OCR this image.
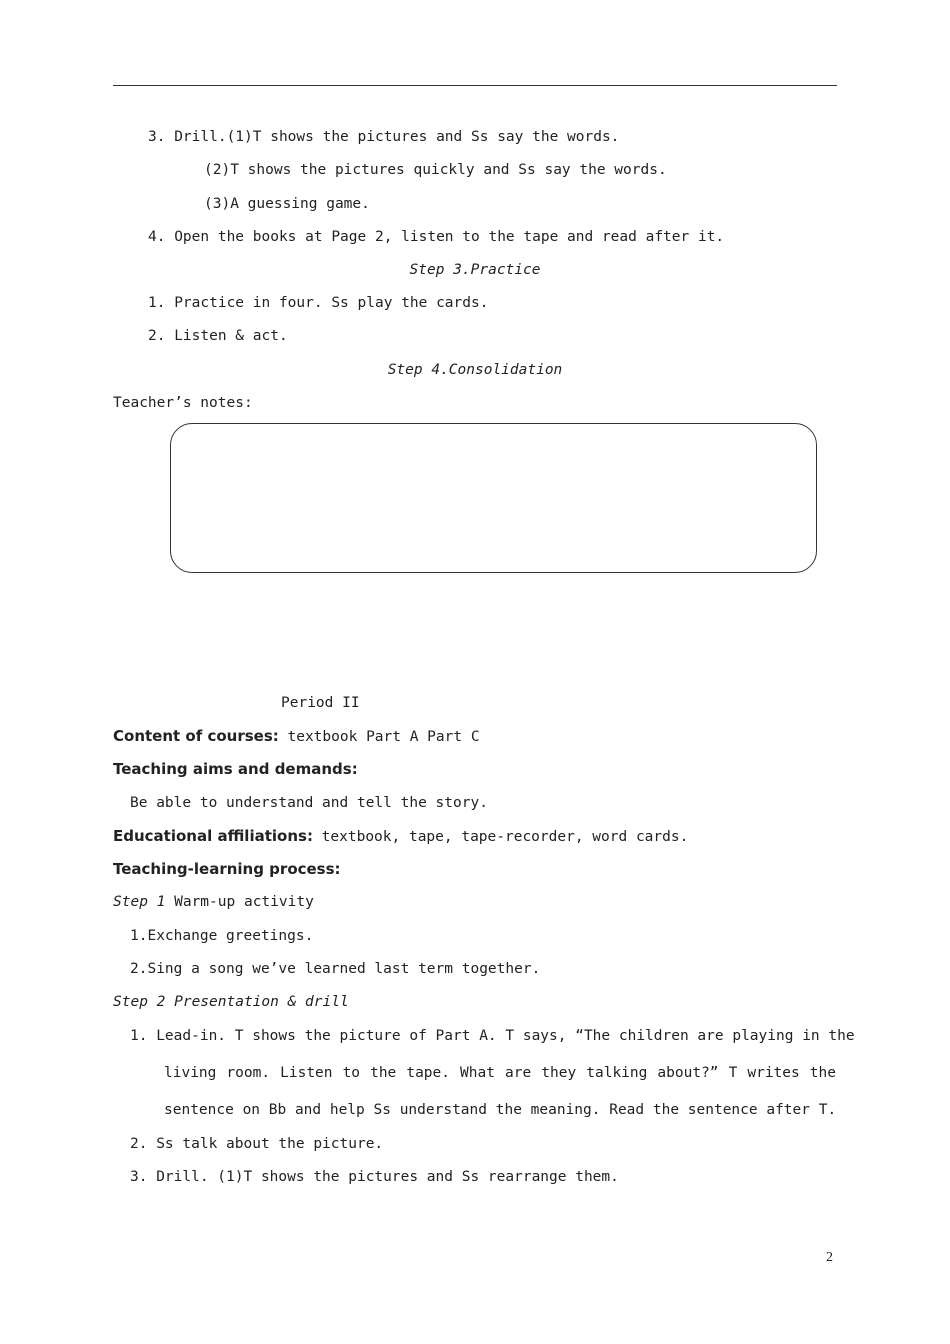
3. Drill.(1)T shows the pictures and Ss say the words.
(2)T shows the pictures quickly and Ss say the words.
(3)A guessing game.
4. Open the books at Page 2, listen to the tape and read after it.
Step 3.Practice
1. Practice in four. Ss play the cards.
2. Listen & act.
Step 4.Consolidation
Teacher’s notes:
Period II
Content of courses: textbook Part A Part C
Teaching aims and demands:
Be able to understand and tell the story.
Educational affiliations: textbook, tape, tape-recorder, word cards.
Teaching-learning process:
Step 1 Warm-up activity
1.Exchange greetings.
2.Sing a song we’ve learned last term together.
Step 2 Presentation & drill
1. Lead-in. T shows the picture of Part A. T says, “The children are playing in the
living room. Listen to the tape. What are they talking about?” T writes the
sentence on Bb and help Ss understand the meaning. Read the sentence after T.
2. Ss talk about the picture.
3. Drill. (1)T shows the pictures and Ss rearrange them.
2
